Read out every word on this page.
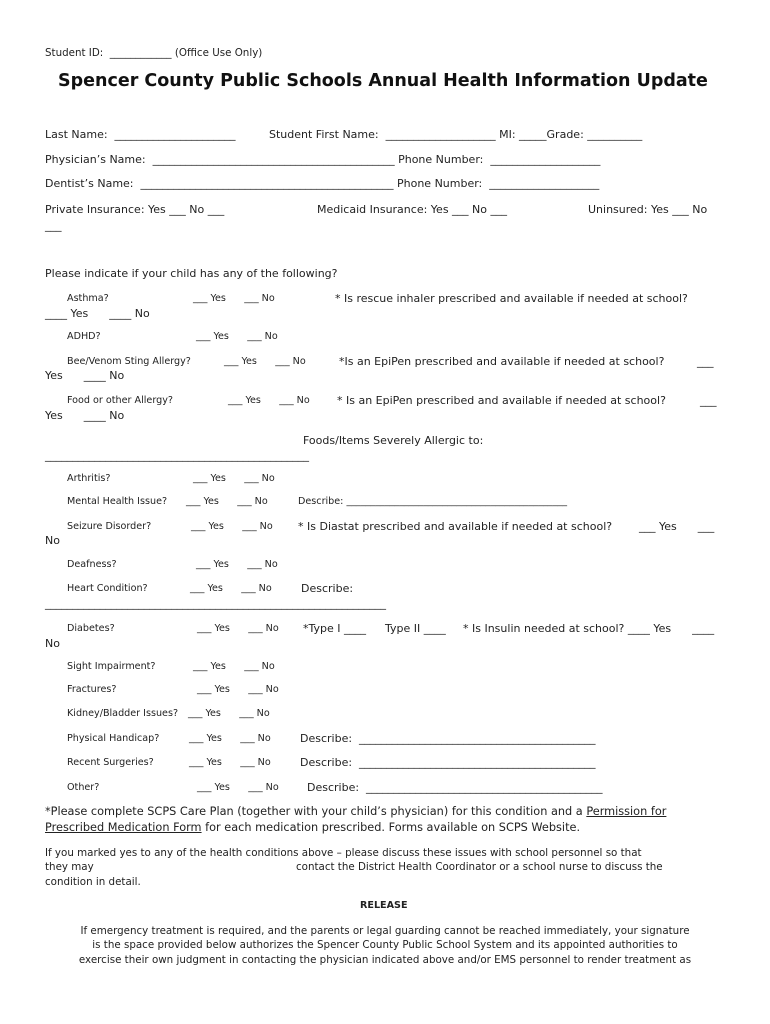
Student ID:  ____________ (Office Use Only)
Spencer County Public Schools Annual Health Information Update
Last Name:  ______________________	Student First Name:  ____________________ MI: _____Grade: __________
Physician’s Name:  ____________________________________________ Phone Number:  ____________________
Dentist’s Name:  ______________________________________________ Phone Number:  ____________________
Private Insurance: Yes ___ No ___	Medicaid Insurance: Yes ___ No ___	Uninsured: Yes ___ No
___
Please indicate if your child has any of the following?
Asthma?	___ Yes      ___ No	* Is rescue inhaler prescribed and available if needed at school?
____ Yes      ____ No
ADHD?	___ Yes      ___ No
Bee/Venom Sting Allergy?	___ Yes      ___ No	*Is an EpiPen prescribed and available if needed at school?	___
Yes      ____ No
Food or other Allergy?	___ Yes      ___ No * Is an EpiPen prescribed and available if needed at school?	___
Yes      ____ No
Foods/Items Severely Allergic to:
________________________________________________
Arthritis?	___ Yes      ___ No
Mental Health Issue? ___ Yes      ___ No	Describe: ______________________________________________
Seizure Disorder?	___ Yes      ___ No * Is Diastat prescribed and available if needed at school? ___ Yes      ___
No
Deafness?	___ Yes      ___ No
Heart Condition?	___ Yes      ___ No	Describe:
______________________________________________________________
Diabetes?	___ Yes      ___ No *Type I ____ Type II ____ * Is Insulin needed at school? ____ Yes      ____
No
Sight Impairment?	___ Yes      ___ No
Fractures?	___ Yes      ___ No
Kidney/Bladder Issues? ___ Yes      ___ No
Physical Handicap?	___ Yes      ___ No	Describe:  ___________________________________________
Recent Surgeries?	___ Yes      ___ No	Describe:  ___________________________________________
Other?	___ Yes      ___ No	Describe:  ___________________________________________
*Please complete SCPS Care Plan (together with your child’s physician) for this condition and a Permission for
Prescribed Medication Form for each medication prescribed. Forms available on SCPS Website.
If you marked yes to any of the health conditions above – please discuss these issues with school personnel so that
they may	contact the District Health Coordinator or a school nurse to discuss the
condition in detail.
RELEASE
If emergency treatment is required, and the parents or legal guarding cannot be reached immediately, your signature
is the space provided below authorizes the Spencer County Public School System and its appointed authorities to
exercise their own judgment in contacting the physician indicated above and/or EMS personnel to render treatment as
